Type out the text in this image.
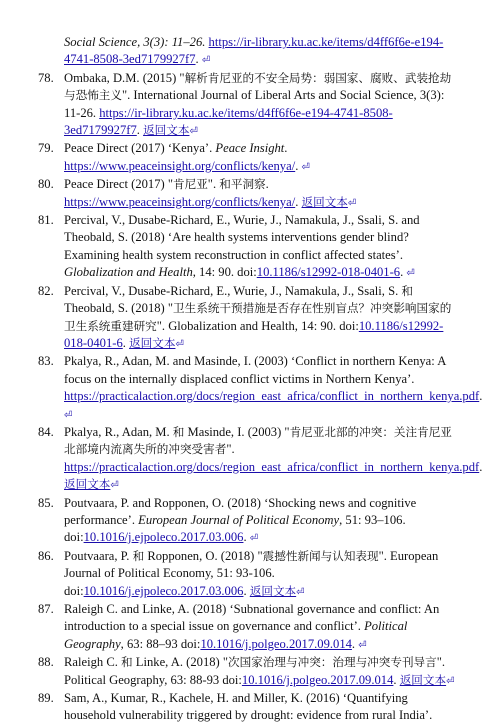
Social Science, 3(3): 11–26. https://ir-library.ku.ac.ke/items/d4ff6f6e-e194-4741-8508-3ed7179927f7. ⏎
78. Ombaka, D.M. (2015) "解析肯尼亚的不安全局势：弱国家、腐败、武装抢劫与恐怖主义". International Journal of Liberal Arts and Social Science, 3(3): 11-26. https://ir-library.ku.ac.ke/items/d4ff6f6e-e194-4741-8508-3ed7179927f7. 返回文本⏎
79. Peace Direct (2017) ‘Kenya’. Peace Insight. https://www.peaceinsight.org/conflicts/kenya/. ⏎
80. Peace Direct (2017) "肯尼亚". 和平洞察. https://www.peaceinsight.org/conflicts/kenya/. 返回文本⏎
81. Percival, V., Dusabe-Richard, E., Wurie, J., Namakula, J., Ssali, S. and Theobald, S. (2018) ‘Are health systems interventions gender blind? Examining health system reconstruction in conflict affected states’. Globalization and Health, 14: 90. doi:10.1186/s12992-018-0401-6. ⏎
82. Percival, V., Dusabe-Richard, E., Wurie, J., Namakula, J., Ssali, S. 和 Theobald, S. (2018) "卫生系统干预措施是否存在性别盲点？冲突影响国家的卫生系统重建研究". Globalization and Health, 14: 90. doi:10.1186/s12992-018-0401-6. 返回文本⏎
83. Pkalya, R., Adan, M. and Masinde, I. (2003) ‘Conflict in northern Kenya: A focus on the internally displaced conflict victims in Northern Kenya’. https://practicalaction.org/docs/region_east_africa/conflict_in_northern_kenya.pdf. ⏎
84. Pkalya, R., Adan, M. 和 Masinde, I. (2003) "肯尼亚北部的冲突：关注肯尼亚北部境内流离失所的冲突受害者". https://practicalaction.org/docs/region_east_africa/conflict_in_northern_kenya.pdf. 返回文本⏎
85. Poutvaara, P. and Ropponen, O. (2018) ‘Shocking news and cognitive performance’. European Journal of Political Economy, 51: 93–106. doi:10.1016/j.ejpoleco.2017.03.006. ⏎
86. Poutvaara, P. 和 Ropponen, O. (2018) "震撼性新闻与认知表现". European Journal of Political Economy, 51: 93-106. doi:10.1016/j.ejpoleco.2017.03.006. 返回文本⏎
87. Raleigh C. and Linke, A. (2018) ‘Subnational governance and conflict: An introduction to a special issue on governance and conflict’. Political Geography, 63: 88–93 doi:10.1016/j.polgeo.2017.09.014. ⏎
88. Raleigh C. 和 Linke, A. (2018) "次国家治理与冲突：治理与冲突专刊导言". Political Geography, 63: 88-93 doi:10.1016/j.polgeo.2017.09.014. 返回文本⏎
89. Sam, A., Kumar, R., Kachele, H. and Miller, K. (2016) ‘Quantifying household vulnerability triggered by drought: evidence from rural India’.
